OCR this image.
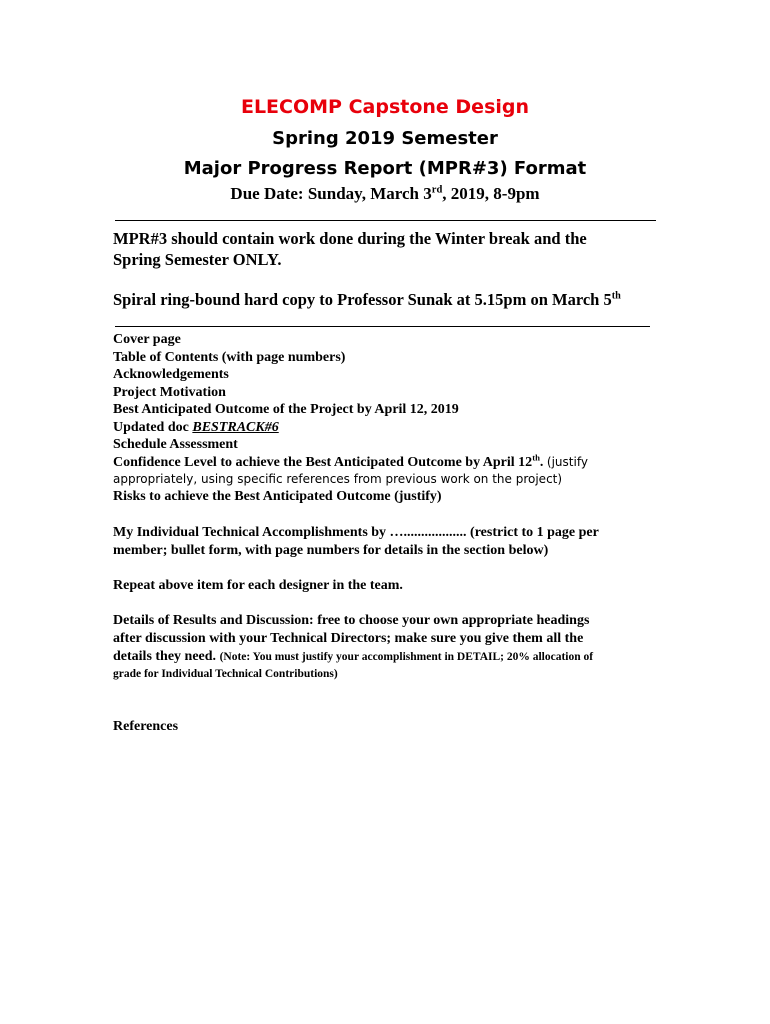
ELECOMP Capstone Design
Spring 2019 Semester
Major Progress Report (MPR#3) Format
Due Date: Sunday, March 3rd, 2019, 8-9pm
MPR#3 should contain work done during the Winter break and the
Spring Semester ONLY.
Spiral ring-bound hard copy to Professor Sunak at 5.15pm on March 5th
Cover page
Table of Contents (with page numbers)
Acknowledgements
Project Motivation
Best Anticipated Outcome of the Project by April 12, 2019
Updated doc BESTRACK#6
Schedule Assessment
Confidence Level to achieve the Best Anticipated Outcome by April 12th. (justify
appropriately, using specific references from previous work on the project)
Risks to achieve the Best Anticipated Outcome (justify)
My Individual Technical Accomplishments by ….................. (restrict to 1 page per
member; bullet form, with page numbers for details in the section below)
Repeat above item for each designer in the team.
Details of Results and Discussion: free to choose your own appropriate headings
after discussion with your Technical Directors; make sure you give them all the
details they need. (Note: You must justify your accomplishment in DETAIL; 20% allocation of
grade for Individual Technical Contributions)
References
